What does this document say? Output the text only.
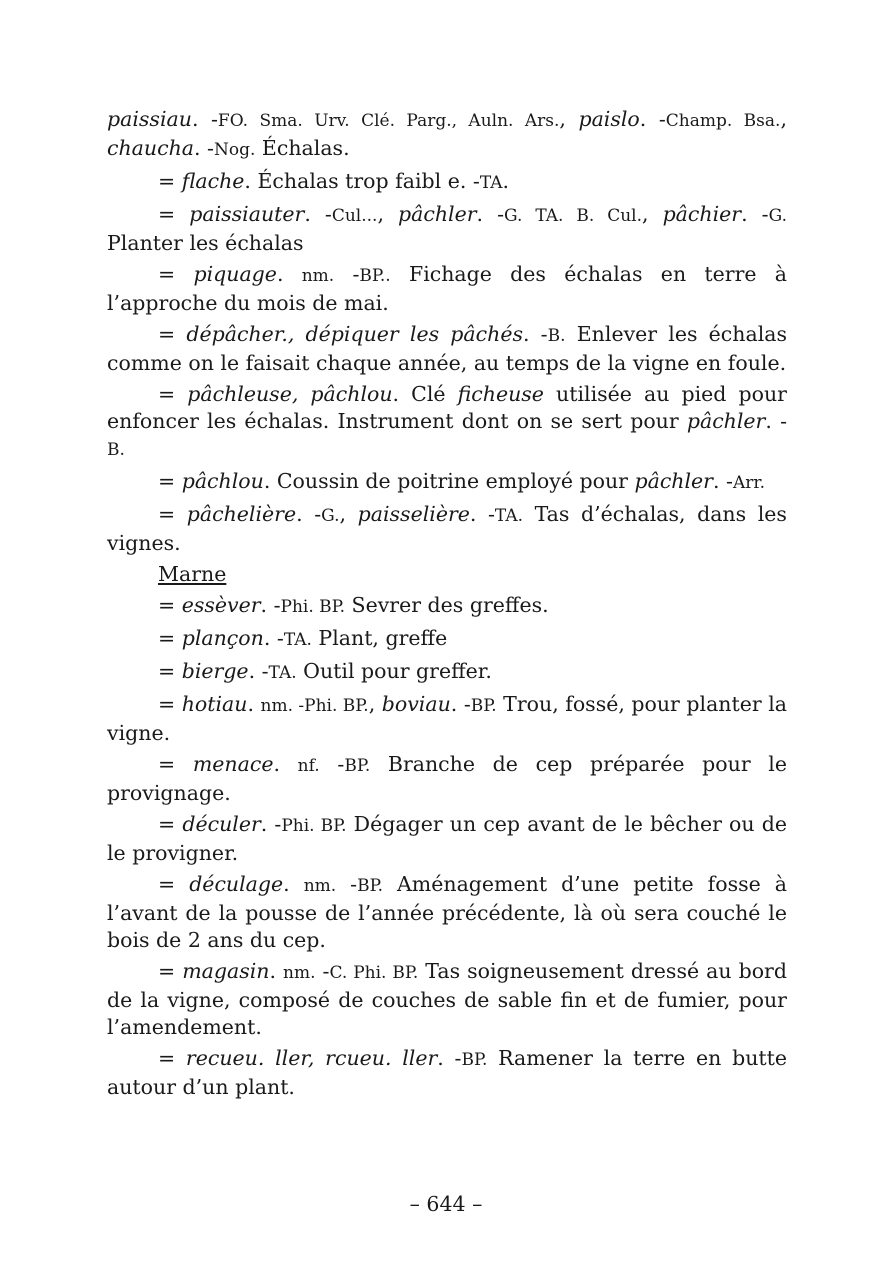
paissiau. -FO. Sma. Urv. Clé. Parg., Auln. Ars., paislo. -Champ. Bsa., chaucha. -Nog. Échalas.

= flache. Échalas trop faibl e. -TA.

= paissiauter. -Cul..., pâchler. -G. TA. B. Cul., pâchier. -G. Planter les échalas

= piquage. nm. -BP.. Fichage des échalas en terre à l’approche du mois de mai.

= dépâcher., dépiquer les pâchés. -B. Enlever les échalas comme on le faisait chaque année, au temps de la vigne en foule.

= pâchleuse, pâchlou. Clé ficheuse utilisée au pied pour enfoncer les échalas. Instrument dont on se sert pour pâchler. -B.

= pâchlou. Coussin de poitrine employé pour pâchler. -Arr.

= pâchelière. -G., paisselière. -TA. Tas d’échalas, dans les vignes.

Marne

= essèver. -Phi. BP. Sevrer des greffes.

= plançon. -TA. Plant, greffe

= bierge. -TA. Outil pour greffer.

= hotiau. nm. -Phi. BP., boviau. -BP. Trou, fossé, pour planter la vigne.

= menace. nf. -BP. Branche de cep préparée pour le provignage.

= déculer. -Phi. BP. Dégager un cep avant de le bêcher ou de le provigner.

= déculage. nm. -BP. Aménagement d’une petite fosse à l’avant de la pousse de l’année précédente, là où sera couché le bois de 2 ans du cep.

= magasin. nm. -C. Phi. BP. Tas soigneusement dressé au bord de la vigne, composé de couches de sable fin et de fumier, pour l’amendement.

= recueu. ller, rcueu. ller. -BP. Ramener la terre en butte autour d’un plant.

– 644 –
